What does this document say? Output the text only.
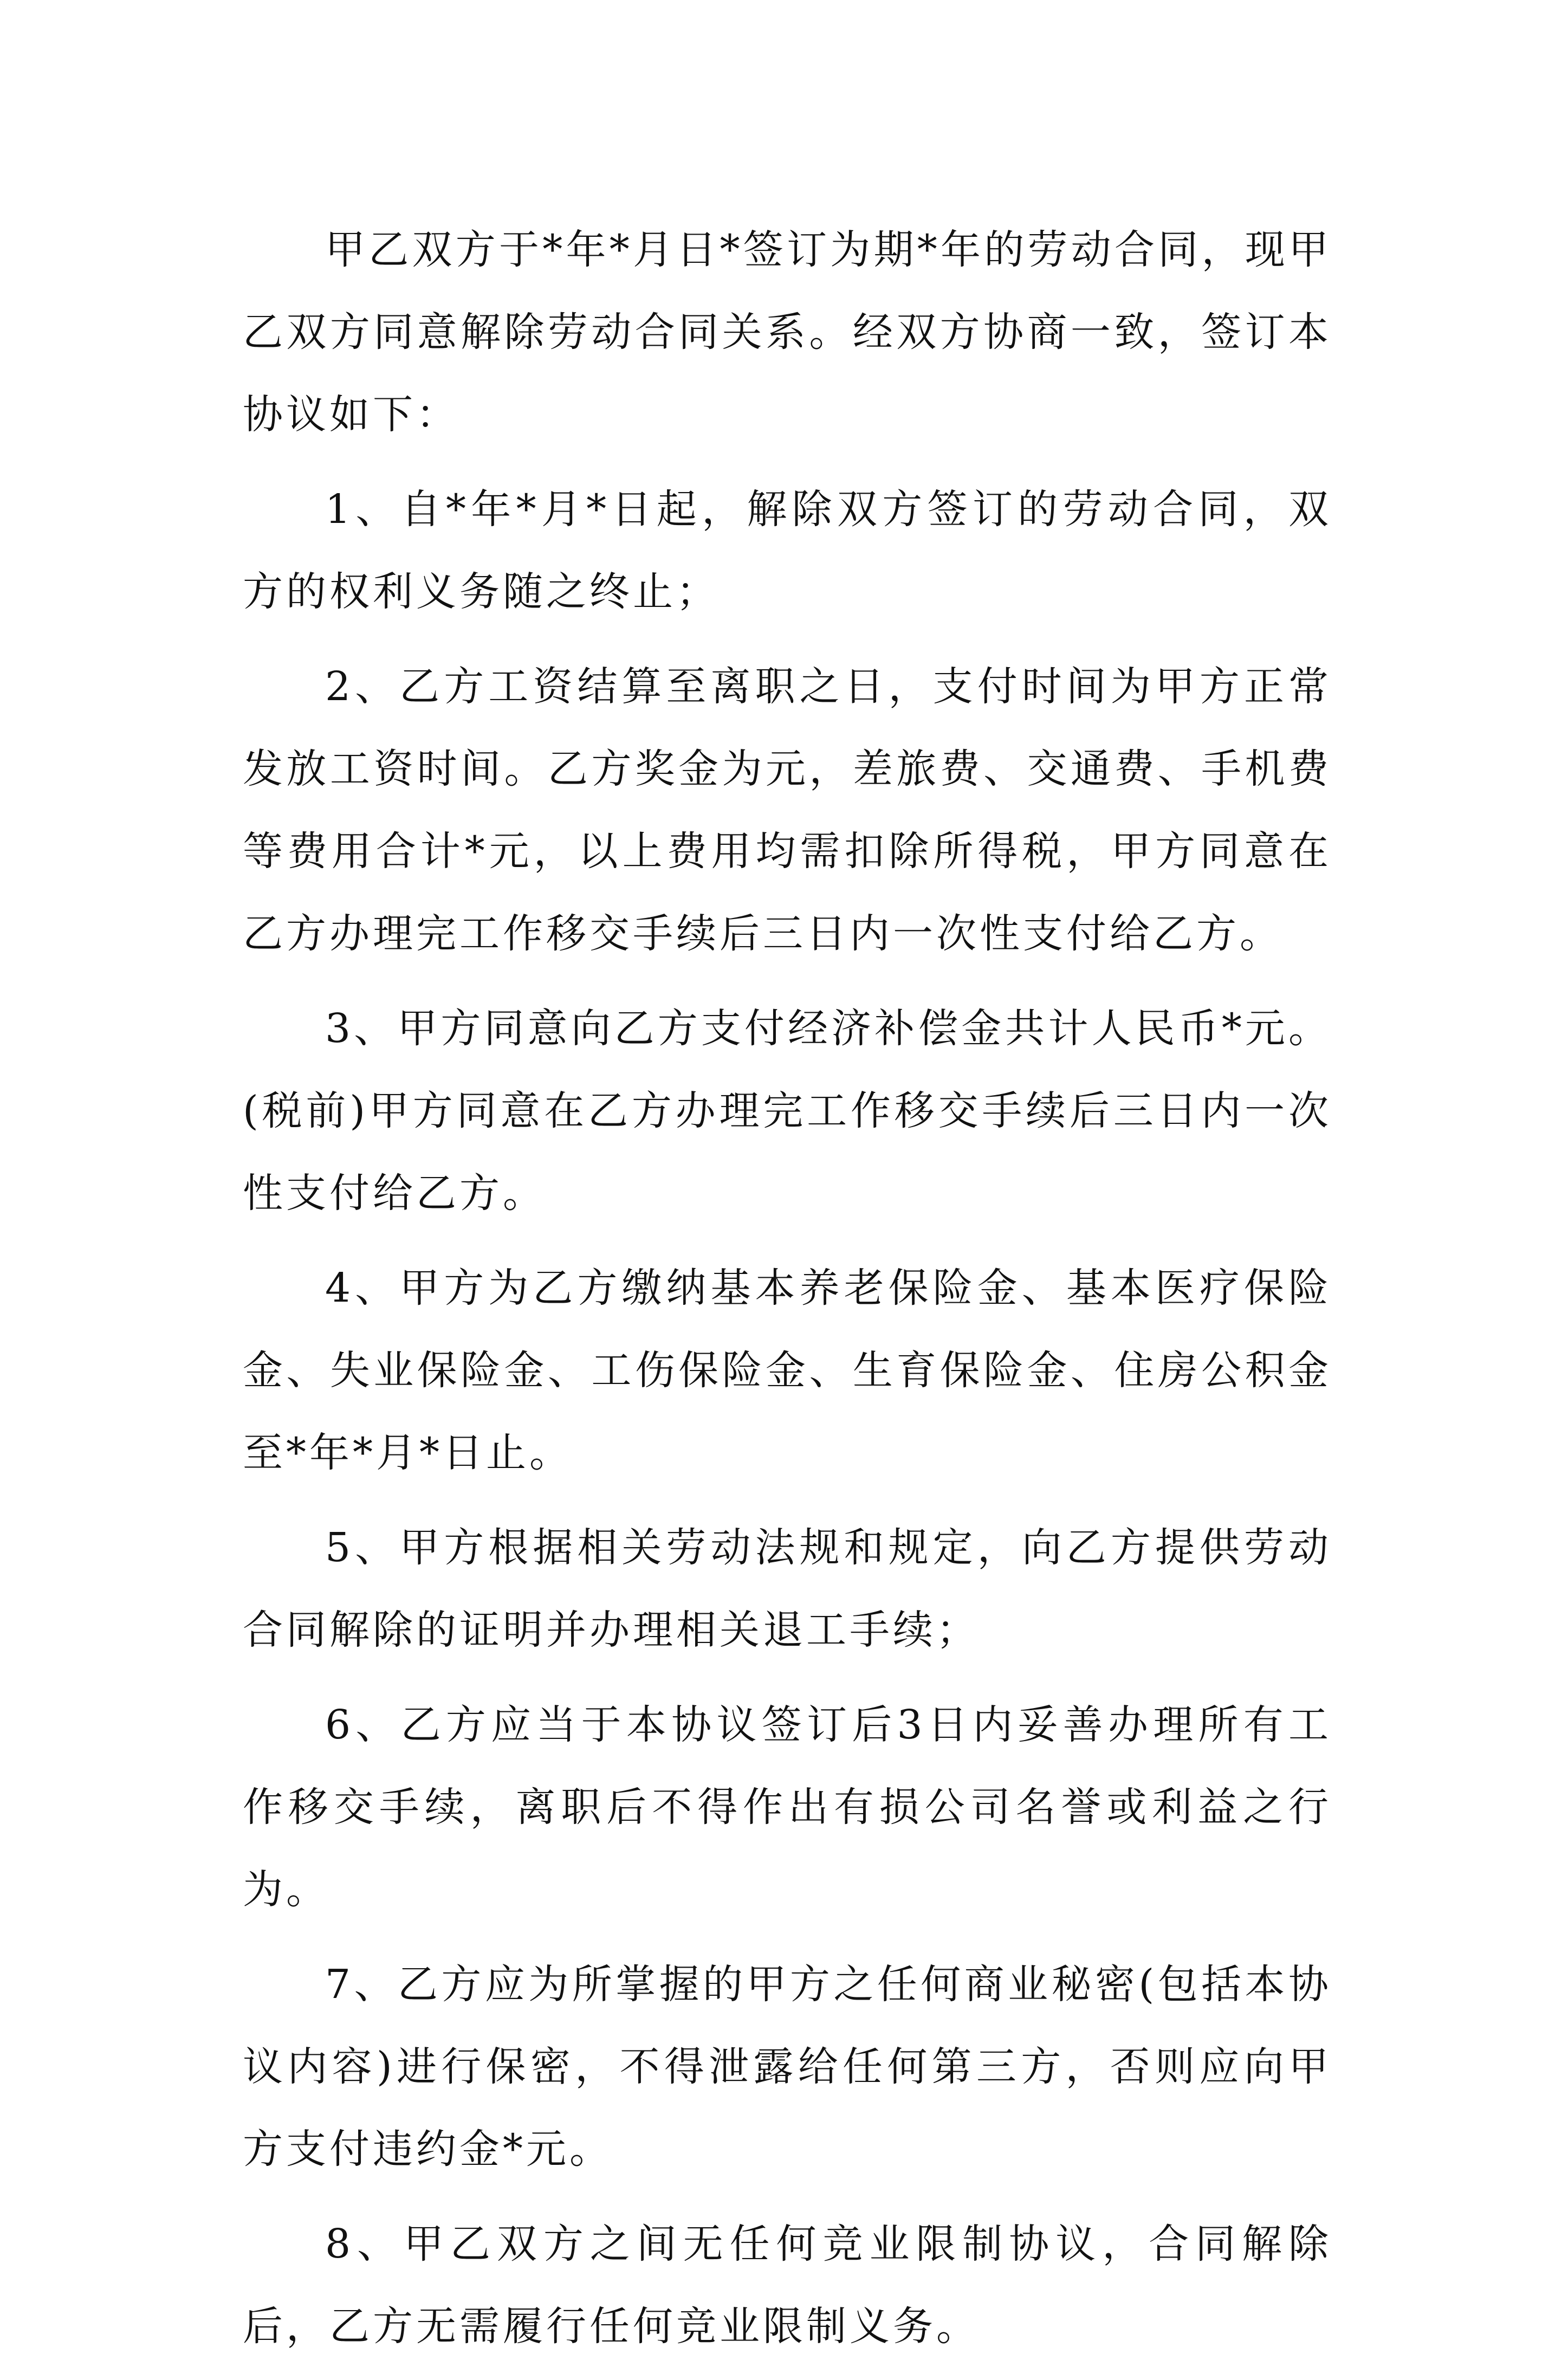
甲乙双方于*年*月日*签订为期*年的劳动合同，现甲乙双方同意解除劳动合同关系。经双方协商一致，签订本协议如下：

1、自*年*月*日起，解除双方签订的劳动合同，双方的权利义务随之终止；

2、乙方工资结算至离职之日，支付时间为甲方正常发放工资时间。乙方奖金为元，差旅费、交通费、手机费等费用合计*元，以上费用均需扣除所得税，甲方同意在乙方办理完工作移交手续后三日内一次性支付给乙方。

3、甲方同意向乙方支付经济补偿金共计人民币*元。(税前)甲方同意在乙方办理完工作移交手续后三日内一次性支付给乙方。

4、甲方为乙方缴纳基本养老保险金、基本医疗保险金、失业保险金、工伤保险金、生育保险金、住房公积金至*年*月*日止。

5、甲方根据相关劳动法规和规定，向乙方提供劳动合同解除的证明并办理相关退工手续；

6、乙方应当于本协议签订后3日内妥善办理所有工作移交手续，离职后不得作出有损公司名誉或利益之行为。

7、乙方应为所掌握的甲方之任何商业秘密(包括本协议内容)进行保密，不得泄露给任何第三方，否则应向甲方支付违约金*元。

8、甲乙双方之间无任何竞业限制协议，合同解除后，乙方无需履行任何竞业限制义务。
